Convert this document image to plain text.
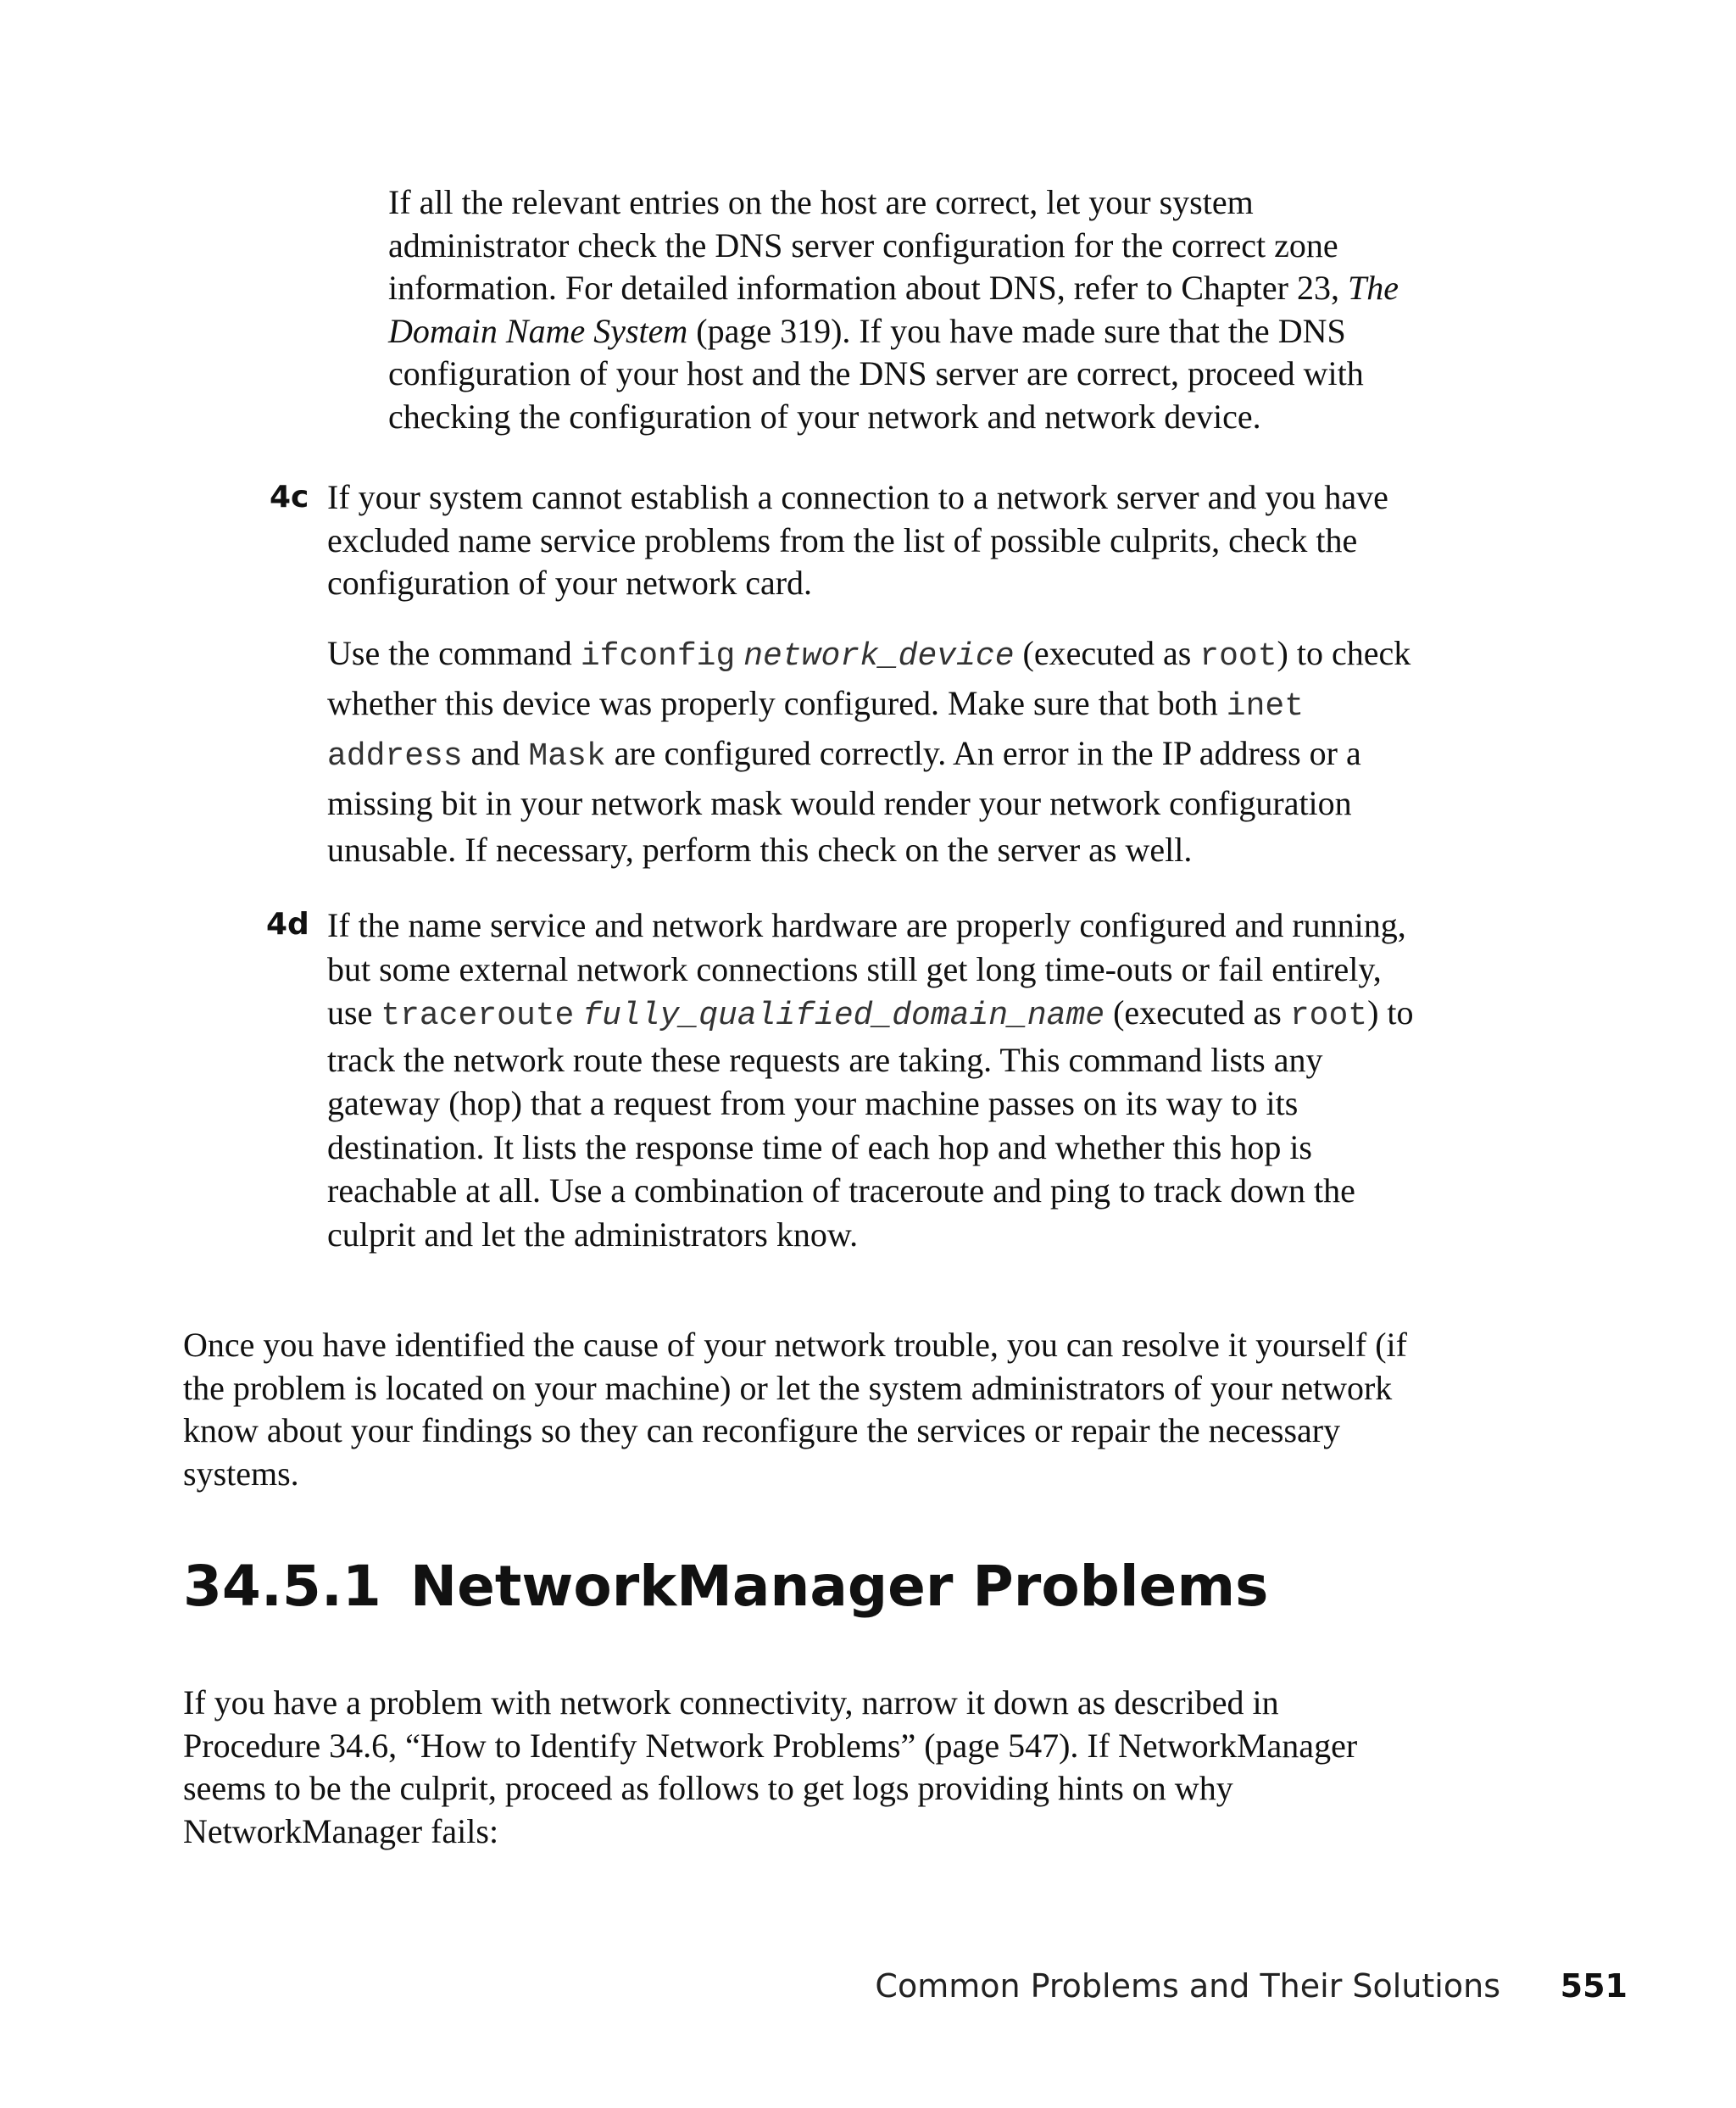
If all the relevant entries on the host are correct, let your system administrator check the DNS server configuration for the correct zone information. For detailed information about DNS, refer to Chapter 23, The Domain Name System (page 319). If you have made sure that the DNS configuration of your host and the DNS server are correct, proceed with checking the configuration of your network and network device.

4c If your system cannot establish a connection to a network server and you have excluded name service problems from the list of possible culprits, check the configuration of your network card.

Use the command ifconfig network_device (executed as root) to check whether this device was properly configured. Make sure that both inet address and Mask are configured correctly. An error in the IP address or a missing bit in your network mask would render your network configuration unusable. If necessary, perform this check on the server as well.

4d If the name service and network hardware are properly configured and running, but some external network connections still get long time-outs or fail entirely, use traceroute fully_qualified_domain_name (executed as root) to track the network route these requests are taking. This command lists any gateway (hop) that a request from your machine passes on its way to its destination. It lists the response time of each hop and whether this hop is reachable at all. Use a combination of traceroute and ping to track down the culprit and let the administrators know.

Once you have identified the cause of your network trouble, you can resolve it yourself (if the problem is located on your machine) or let the system administrators of your network know about your findings so they can reconfigure the services or repair the necessary systems.

34.5.1 NetworkManager Problems

If you have a problem with network connectivity, narrow it down as described in Procedure 34.6, “How to Identify Network Problems” (page 547). If NetworkManager seems to be the culprit, proceed as follows to get logs providing hints on why NetworkManager fails:

Common Problems and Their Solutions 551
